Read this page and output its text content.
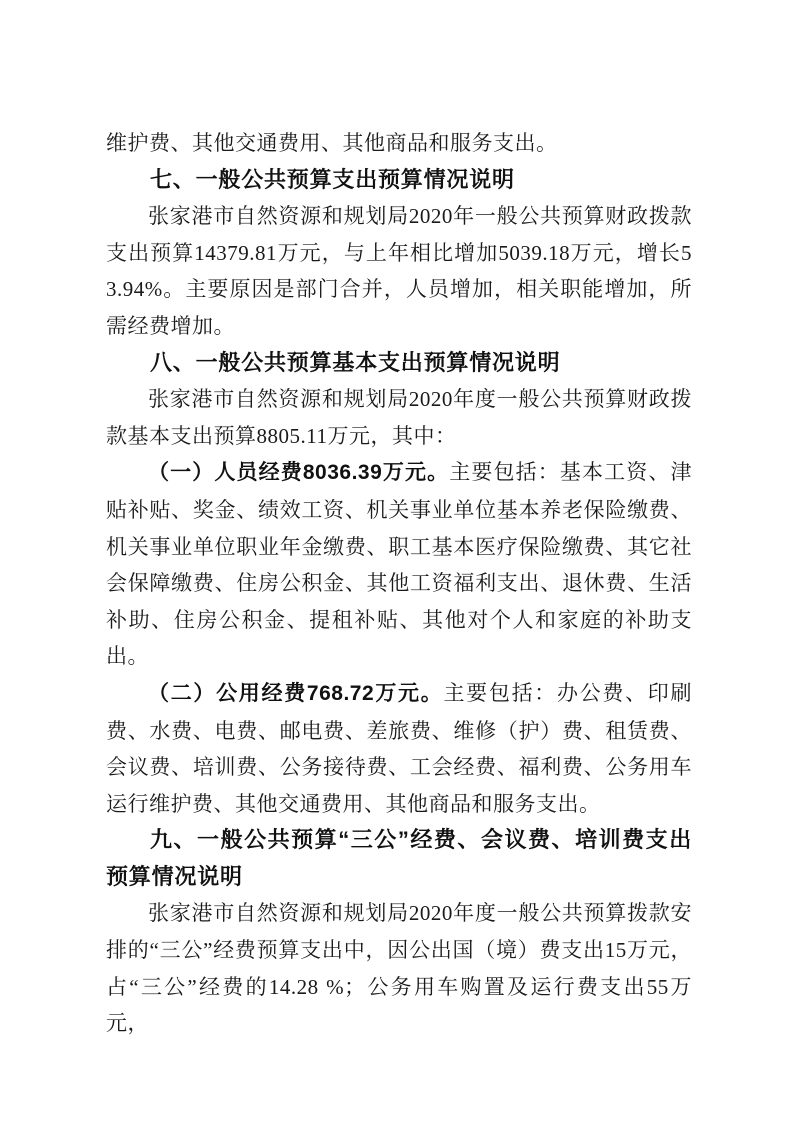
维护费、其他交通费用、其他商品和服务支出。

七、一般公共预算支出预算情况说明

张家港市自然资源和规划局2020年一般公共预算财政拨款支出预算14379.81万元，与上年相比增加5039.18万元，增长53.94%。主要原因是部门合并，人员增加，相关职能增加，所需经费增加。

八、一般公共预算基本支出预算情况说明

张家港市自然资源和规划局2020年度一般公共预算财政拨款基本支出预算8805.11万元，其中：

（一）人员经费8036.39万元。主要包括：基本工资、津贴补贴、奖金、绩效工资、机关事业单位基本养老保险缴费、机关事业单位职业年金缴费、职工基本医疗保险缴费、其它社会保障缴费、住房公积金、其他工资福利支出、退休费、生活补助、住房公积金、提租补贴、其他对个人和家庭的补助支出。

（二）公用经费768.72万元。主要包括：办公费、印刷费、水费、电费、邮电费、差旅费、维修（护）费、租赁费、会议费、培训费、公务接待费、工会经费、福利费、公务用车运行维护费、其他交通费用、其他商品和服务支出。

九、一般公共预算“三公”经费、会议费、培训费支出预算情况说明

张家港市自然资源和规划局2020年度一般公共预算拨款安排的“三公”经费预算支出中，因公出国（境）费支出15万元，占“三公”经费的14.28 %；公务用车购置及运行费支出55万元，
